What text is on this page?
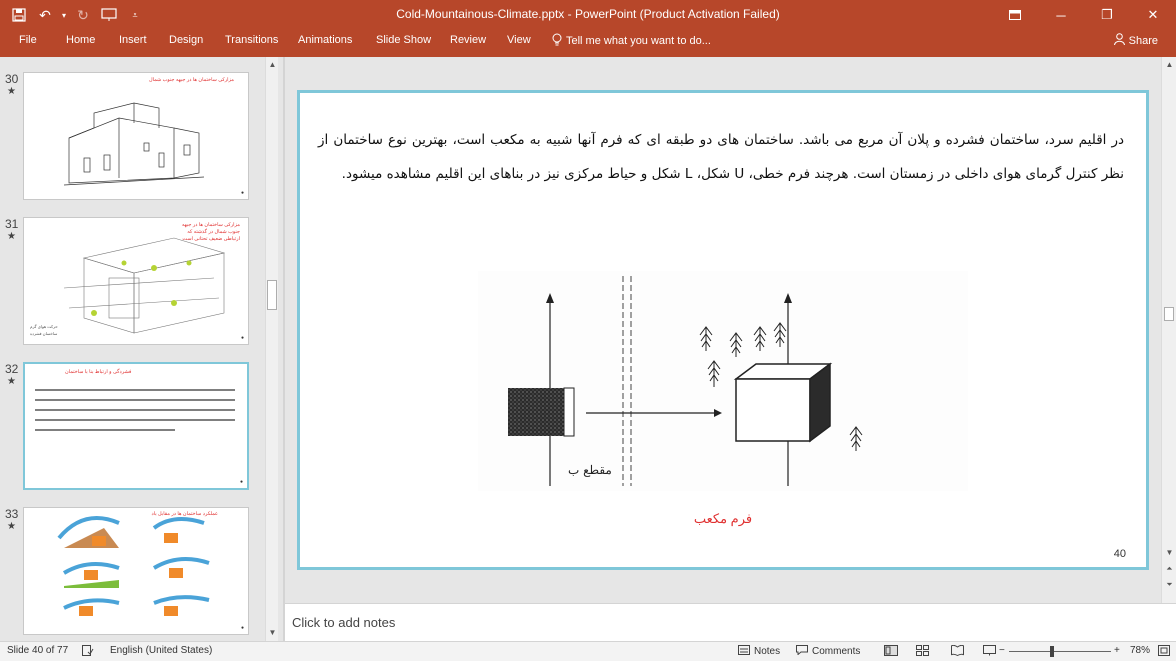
↶	▾ ↻	⩡	Cold-Mountainous-Climate.pptx - PowerPoint (Product Activation Failed)	─	❐	✕
File	Home Insert Design Transitions Animations Slide Show Review View	Tell me what you want to do...	Share
30
★
مزارکی ساختمان ها در جبهه جنوب شمال
●
31
★
مزارکی ساختمان ها در جبهه جنوب شمال در گذشته که ارتباطی ضعیف تحتانی است
حرکت هوای گرم
ساختمان فشرده
●
32
★
فشردگی و ارتباط بنا با ساختمان
●
33
★
عملکرد ساختمان ها در مقابل باد
●
▲
▼
در اقلیم سرد، ساختمان فشرده و پلان آن مربع می باشد. ساختمان های دو طبقه ای که فرم آنها شبیه به مکعب است، بهترین نوع ساختمان از نظر کنترل گرمای هوای داخلی در زمستان است. هرچند فرم خطی، U شکل، L شکل و حیاط مرکزی نیز در بناهای این اقلیم مشاهده میشود.
مقطع ب
فرم مکعب
40
▲
▼
⏶
⏷
Click to add notes
Slide 40 of 77	English (United States)	Notes	Comments	−	+ 78%
